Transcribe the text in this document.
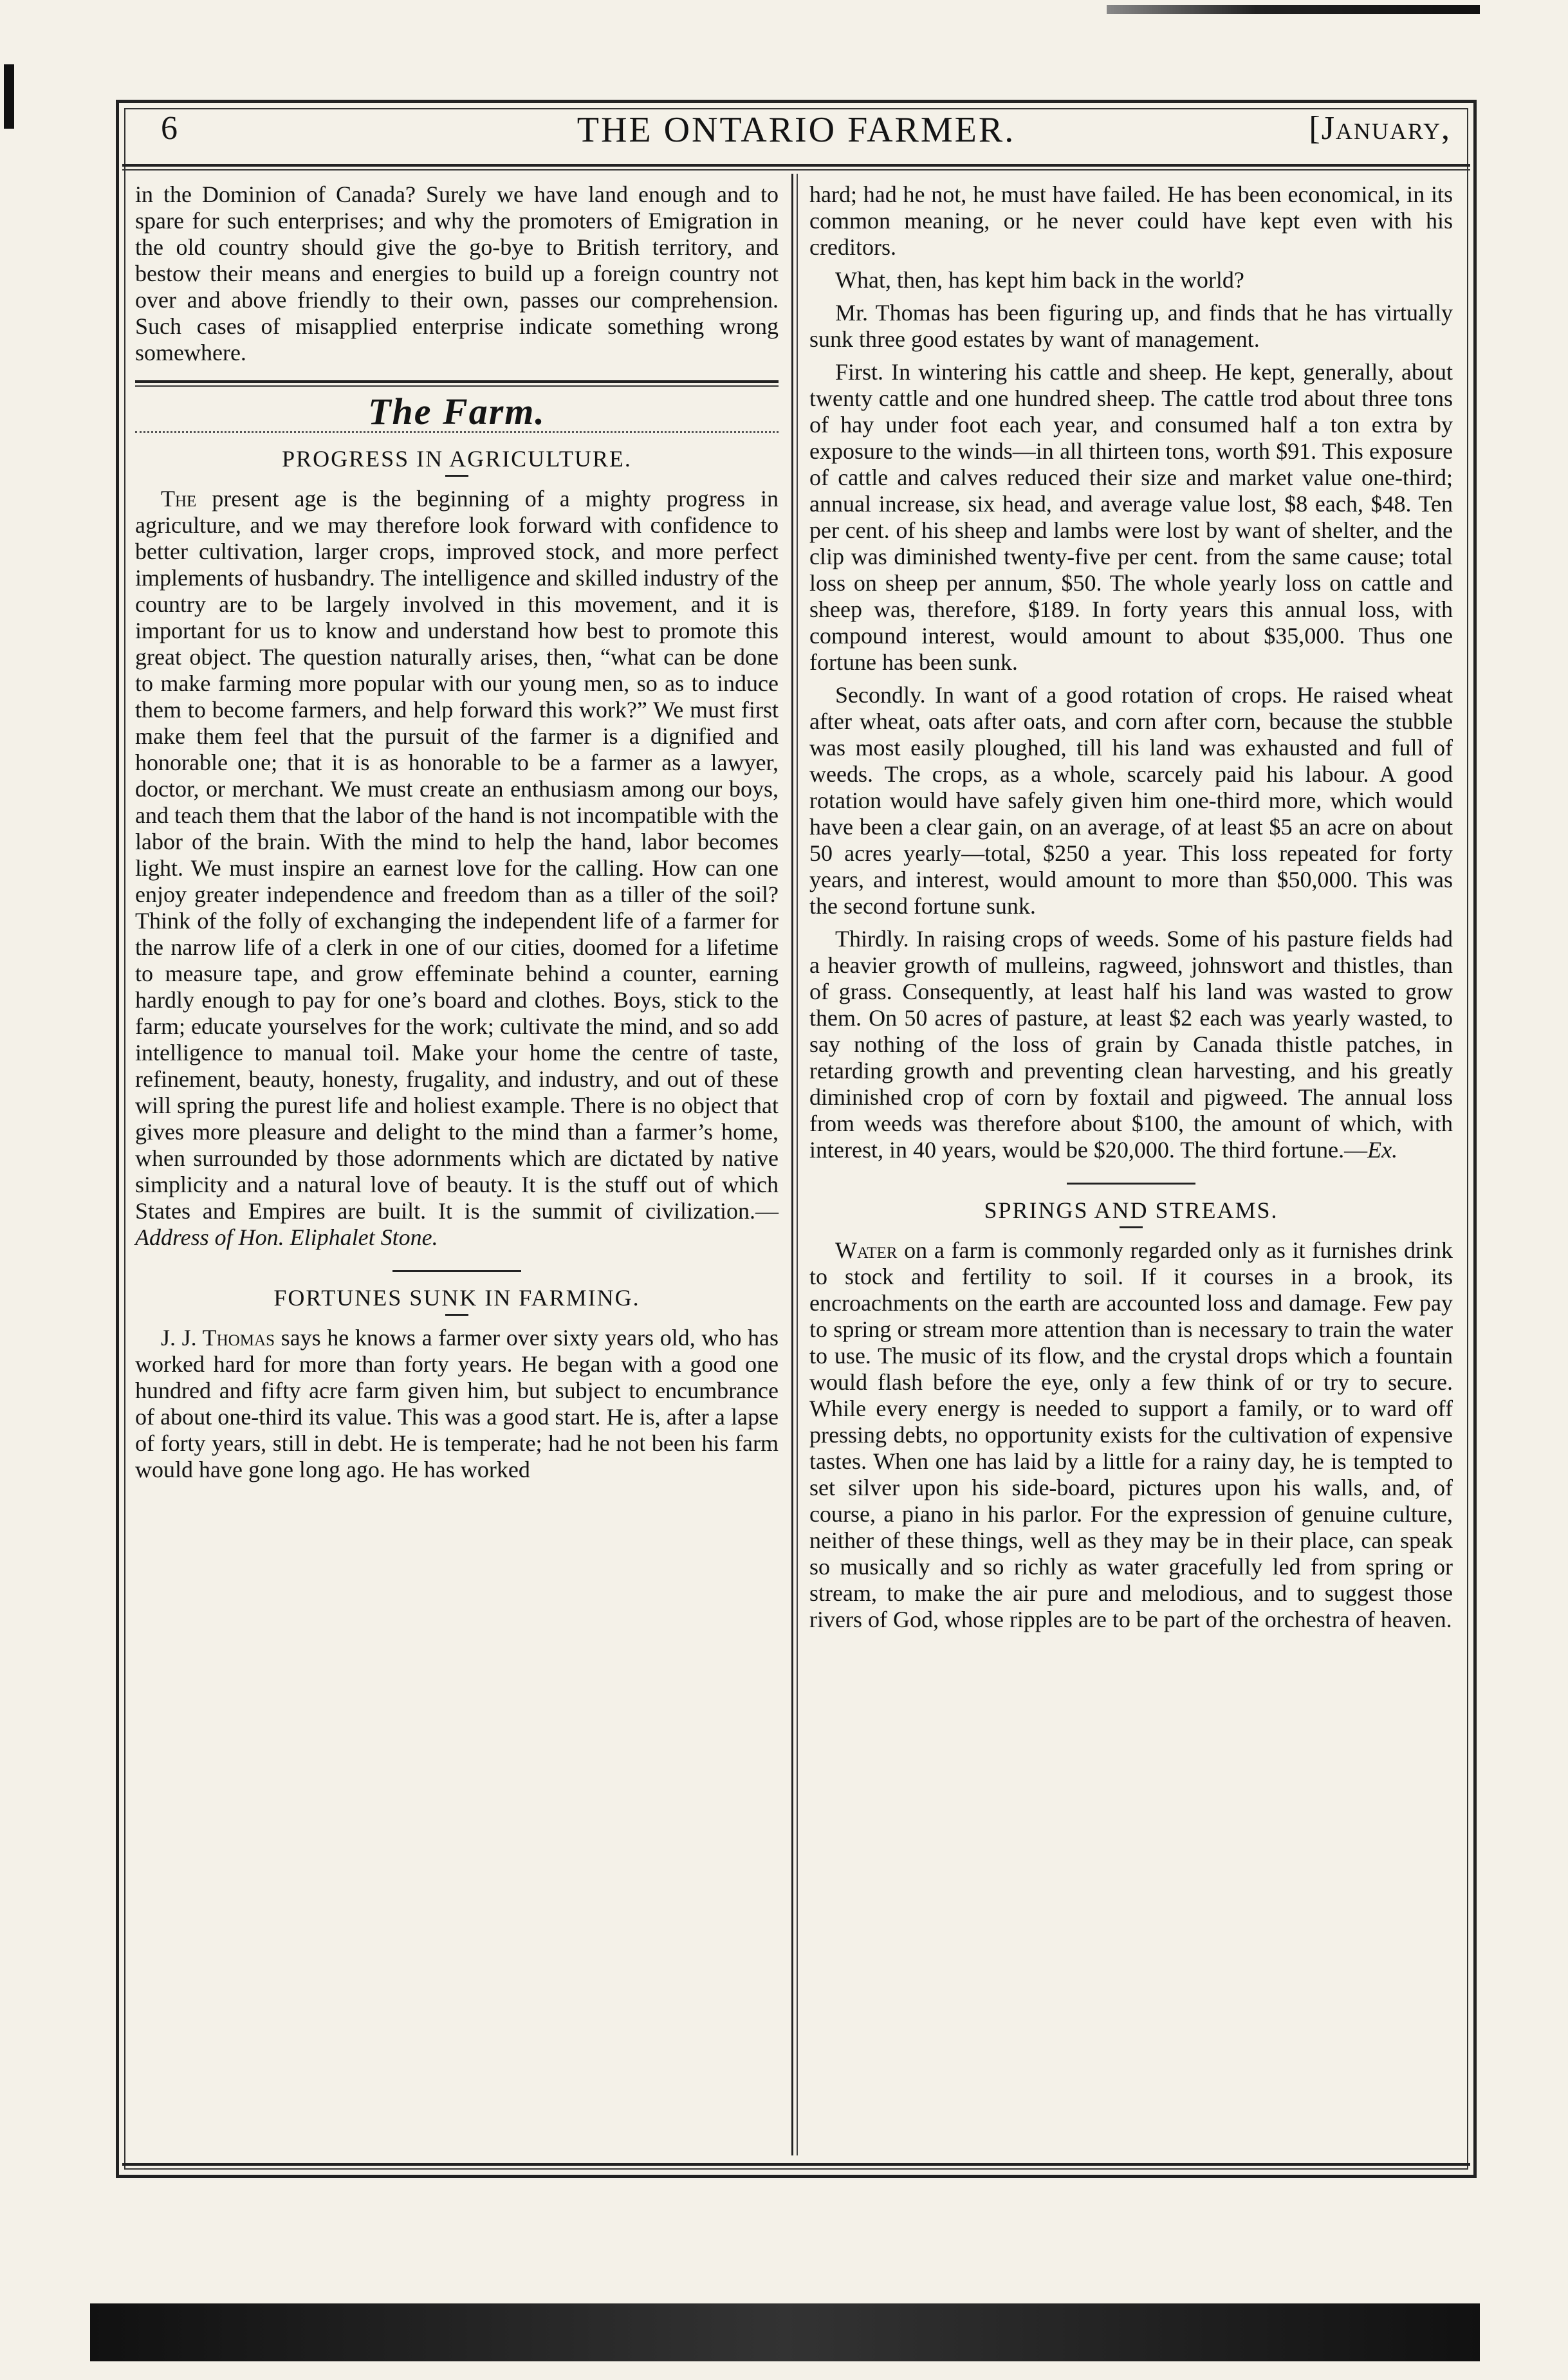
6	THE ONTARIO FARMER.	[January,

in the Dominion of Canada? Surely we have land enough and to spare for such enterprises; and why the promoters of Emigration in the old country should give the go-bye to British territory, and bestow their means and energies to build up a foreign country not over and above friendly to their own, passes our comprehension. Such cases of misapplied enterprise indicate something wrong somewhere.

The Farm.
PROGRESS IN AGRICULTURE.

The present age is the beginning of a mighty progress in agriculture, and we may therefore look forward with confidence to better cultivation, larger crops, improved stock, and more perfect implements of husbandry. The intelligence and skilled industry of the country are to be largely involved in this movement, and it is important for us to know and understand how best to promote this great object. The question naturally arises, then, “what can be done to make farming more popular with our young men, so as to induce them to become farmers, and help forward this work?” We must first make them feel that the pursuit of the farmer is a dignified and honorable one; that it is as honorable to be a farmer as a lawyer, doctor, or merchant. We must create an enthusiasm among our boys, and teach them that the labor of the hand is not incompatible with the labor of the brain. With the mind to help the hand, labor becomes light. We must inspire an earnest love for the calling. How can one enjoy greater independence and freedom than as a tiller of the soil? Think of the folly of exchanging the independent life of a farmer for the narrow life of a clerk in one of our cities, doomed for a lifetime to measure tape, and grow effeminate behind a counter, earning hardly enough to pay for one’s board and clothes. Boys, stick to the farm; educate yourselves for the work; cultivate the mind, and so add intelligence to manual toil. Make your home the centre of taste, refinement, beauty, honesty, frugality, and industry, and out of these will spring the purest life and holiest example. There is no object that gives more pleasure and delight to the mind than a farmer’s home, when surrounded by those adornments which are dictated by native simplicity and a natural love of beauty. It is the stuff out of which States and Empires are built. It is the summit of civilization.—Address of Hon. Eliphalet Stone.

FORTUNES SUNK IN FARMING.

J. J. Thomas says he knows a farmer over sixty years old, who has worked hard for more than forty years. He began with a good one hundred and fifty acre farm given him, but subject to encumbrance of about one-third its value. This was a good start. He is, after a lapse of forty years, still in debt. He is temperate; had he not been his farm would have gone long ago. He has worked

hard; had he not, he must have failed. He has been economical, in its common meaning, or he never could have kept even with his creditors.

What, then, has kept him back in the world?

Mr. Thomas has been figuring up, and finds that he has virtually sunk three good estates by want of management.

First. In wintering his cattle and sheep. He kept, generally, about twenty cattle and one hundred sheep. The cattle trod about three tons of hay under foot each year, and consumed half a ton extra by exposure to the winds—in all thirteen tons, worth $91. This exposure of cattle and calves reduced their size and market value one-third; annual increase, six head, and average value lost, $8 each, $48. Ten per cent. of his sheep and lambs were lost by want of shelter, and the clip was diminished twenty-five per cent. from the same cause; total loss on sheep per annum, $50. The whole yearly loss on cattle and sheep was, therefore, $189. In forty years this annual loss, with compound interest, would amount to about $35,000. Thus one fortune has been sunk.

Secondly. In want of a good rotation of crops. He raised wheat after wheat, oats after oats, and corn after corn, because the stubble was most easily ploughed, till his land was exhausted and full of weeds. The crops, as a whole, scarcely paid his labour. A good rotation would have safely given him one-third more, which would have been a clear gain, on an average, of at least $5 an acre on about 50 acres yearly—total, $250 a year. This loss repeated for forty years, and interest, would amount to more than $50,000. This was the second fortune sunk.

Thirdly. In raising crops of weeds. Some of his pasture fields had a heavier growth of mulleins, ragweed, johnswort and thistles, than of grass. Consequently, at least half his land was wasted to grow them. On 50 acres of pasture, at least $2 each was yearly wasted, to say nothing of the loss of grain by Canada thistle patches, in retarding growth and preventing clean harvesting, and his greatly diminished crop of corn by foxtail and pigweed. The annual loss from weeds was therefore about $100, the amount of which, with interest, in 40 years, would be $20,000. The third fortune.—Ex.

SPRINGS AND STREAMS.

Water on a farm is commonly regarded only as it furnishes drink to stock and fertility to soil. If it courses in a brook, its encroachments on the earth are accounted loss and damage. Few pay to spring or stream more attention than is necessary to train the water to use. The music of its flow, and the crystal drops which a fountain would flash before the eye, only a few think of or try to secure. While every energy is needed to support a family, or to ward off pressing debts, no opportunity exists for the cultivation of expensive tastes. When one has laid by a little for a rainy day, he is tempted to set silver upon his side-board, pictures upon his walls, and, of course, a piano in his parlor. For the expression of genuine culture, neither of these things, well as they may be in their place, can speak so musically and so richly as water gracefully led from spring or stream, to make the air pure and melodious, and to suggest those rivers of God, whose ripples are to be part of the orchestra of heaven.
